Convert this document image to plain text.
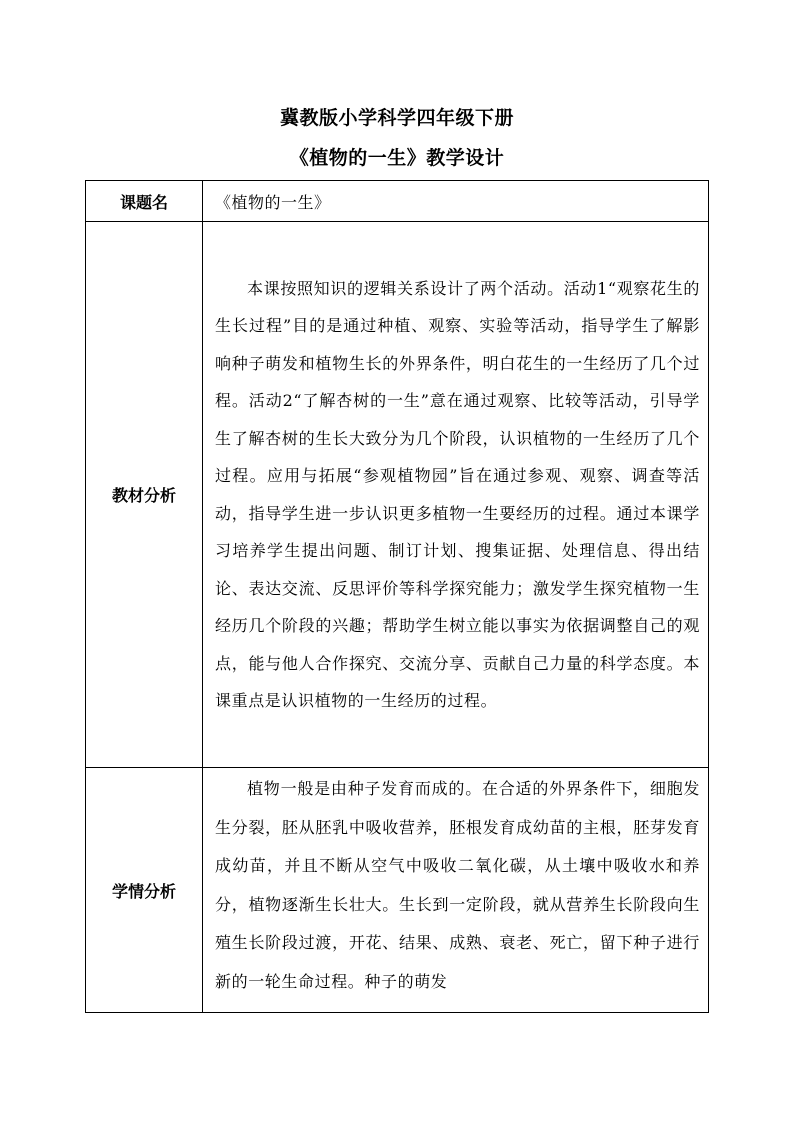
冀教版小学科学四年级下册
《植物的一生》教学设计
课题名	《植物的一生》
教材分析	本课按照知识的逻辑关系设计了两个活动。活动1“观察花生的生长过程”目的是通过种植、观察、实验等活动，指导学生了解影响种子萌发和植物生长的外界条件，明白花生的一生经历了几个过程。活动2“了解杏树的一生”意在通过观察、比较等活动，引导学生了解杏树的生长大致分为几个阶段，认识植物的一生经历了几个过程。应用与拓展“参观植物园”旨在通过参观、观察、调查等活动，指导学生进一步认识更多植物一生要经历的过程。通过本课学习培养学生提出问题、制订计划、搜集证据、处理信息、得出结论、表达交流、反思评价等科学探究能力；激发学生探究植物一生经历几个阶段的兴趣；帮助学生树立能以事实为依据调整自己的观点，能与他人合作探究、交流分享、贡献自己力量的科学态度。本课重点是认识植物的一生经历的过程。

学情分析	植物一般是由种子发育而成的。在合适的外界条件下，细胞发生分裂，胚从胚乳中吸收营养，胚根发育成幼苗的主根，胚芽发育成幼苗，并且不断从空气中吸收二氧化碳，从土壤中吸收水和养分，植物逐渐生长壮大。生长到一定阶段，就从营养生长阶段向生殖生长阶段过渡，开花、结果、成熟、衰老、死亡，留下种子进行新的一轮生命过程。种子的萌发
